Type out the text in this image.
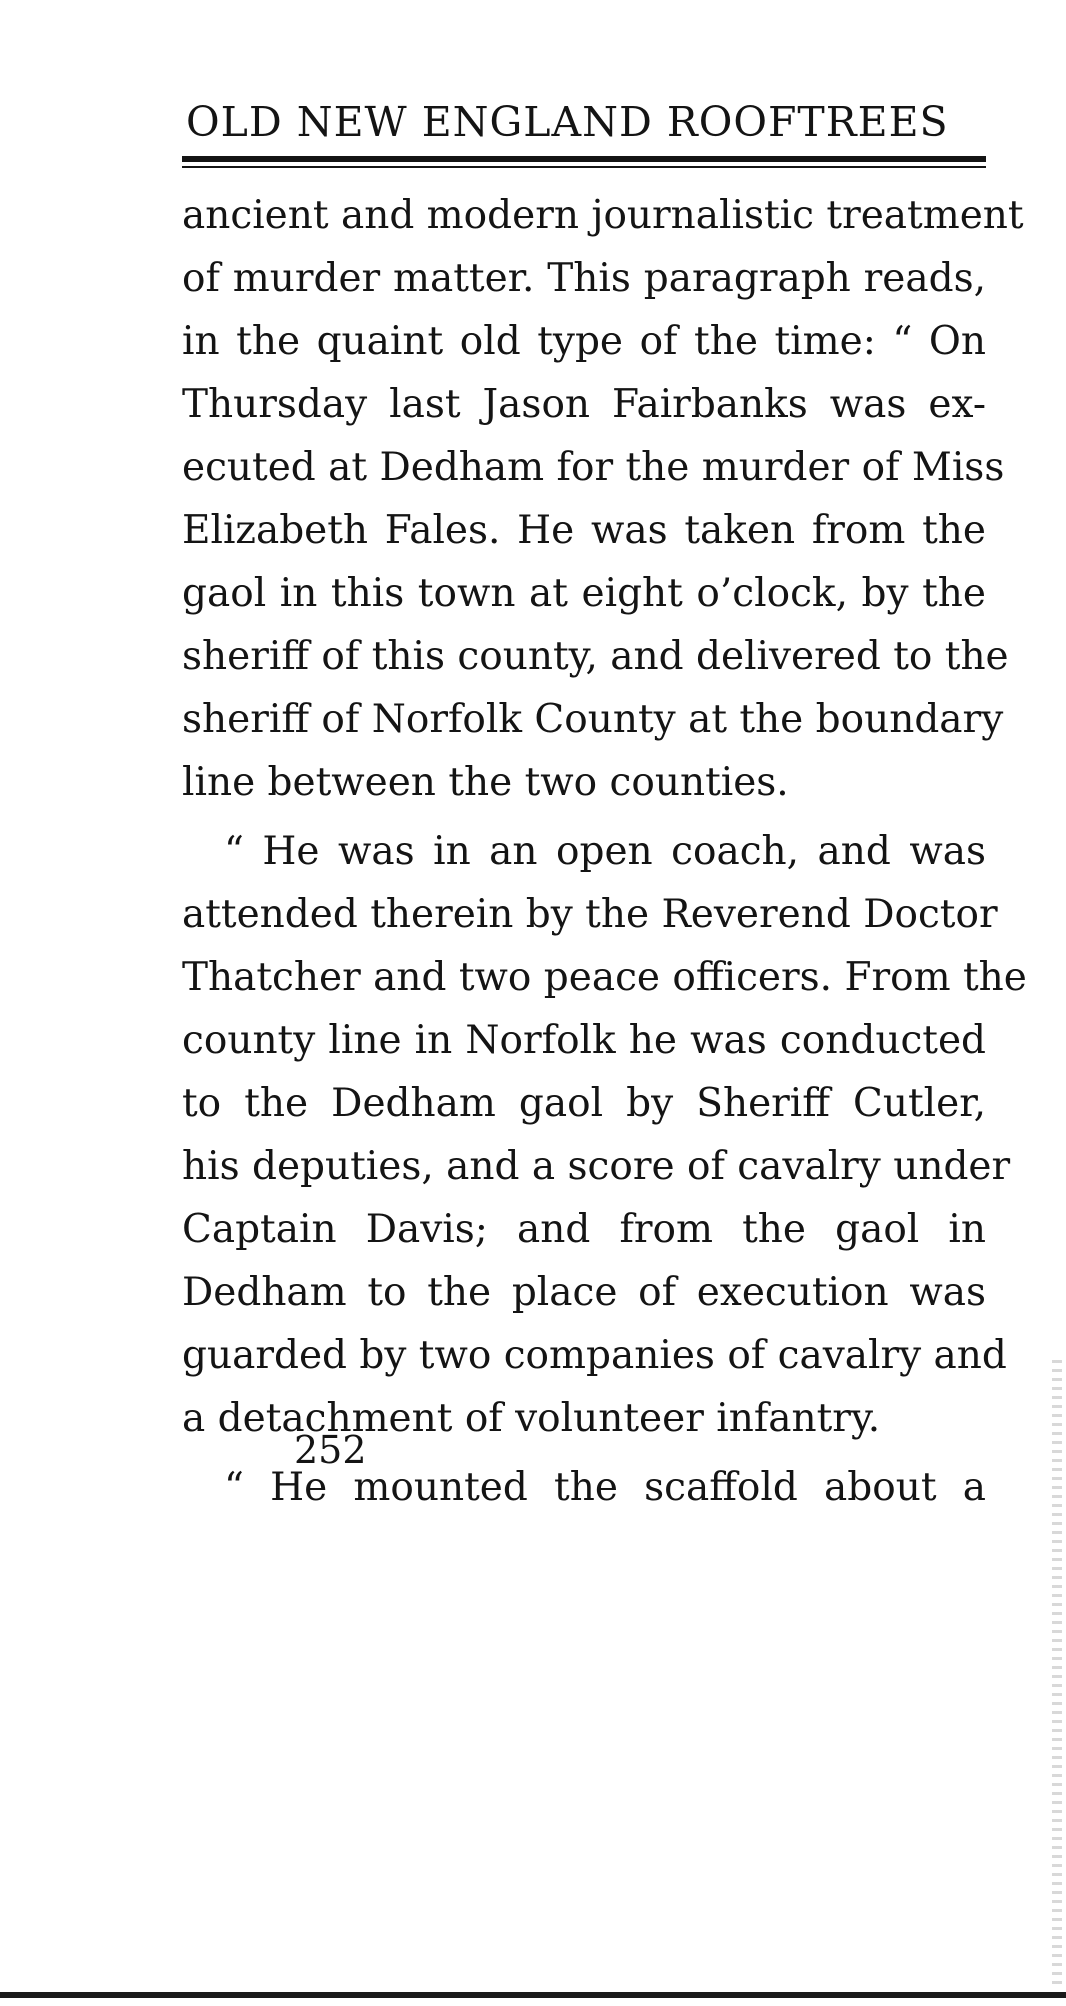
OLD NEW ENGLAND ROOFTREES
ancient and modern journalistic treatment
of murder matter. This paragraph reads,
in the quaint old type of the time: “ On
Thursday last Jason Fairbanks was ex-
ecuted at Dedham for the murder of Miss
Elizabeth Fales. He was taken from the
gaol in this town at eight o’clock, by the
sheriff of this county, and delivered to the
sheriff of Norfolk County at the boundary
line between the two counties.
“ He was in an open coach, and was
attended therein by the Reverend Doctor
Thatcher and two peace officers. From the
county line in Norfolk he was conducted
to the Dedham gaol by Sheriff Cutler,
his deputies, and a score of cavalry under
Captain Davis; and from the gaol in
Dedham to the place of execution was
guarded by two companies of cavalry and
a detachment of volunteer infantry.
“ He mounted the scaffold about a
252
